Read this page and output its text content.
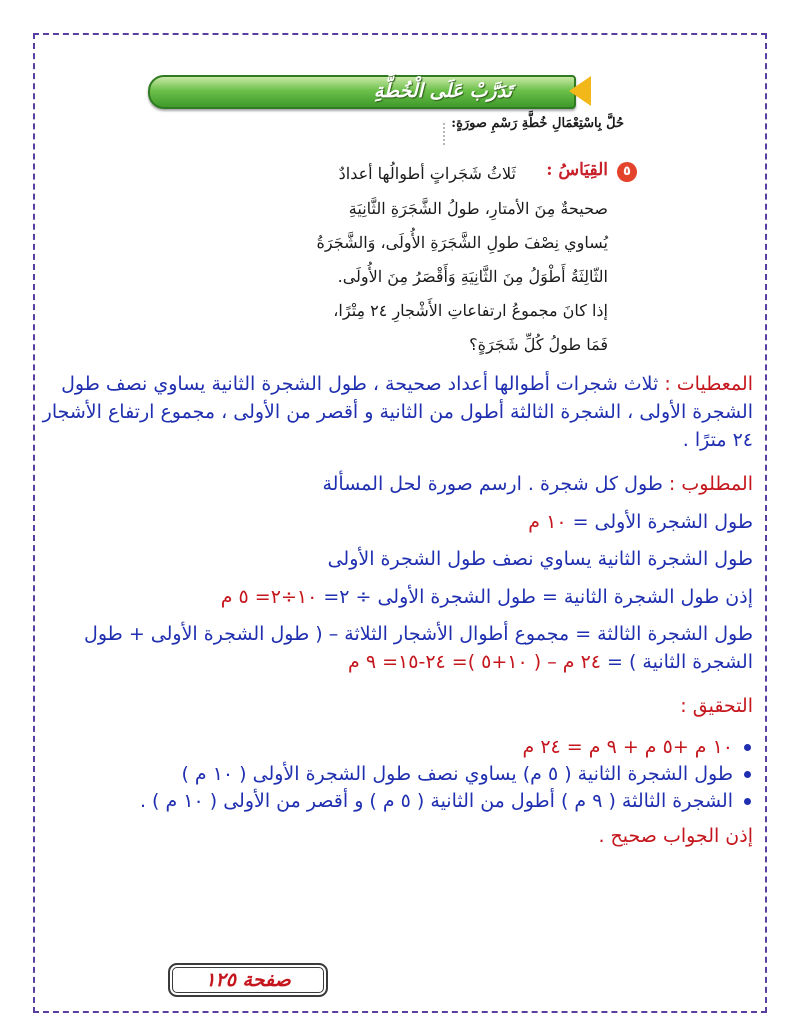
تَدَرَّبْ عَلَى الْخُطَّةِ
حُلَّ بِاسْتِعْمَالِ خُطَّةِ رَسْمِ صورَةٍ:
٥
القِيَاسُ :
ثَلاثُ شَجَراتٍ أطوالُها أعدادٌ
صحيحةٌ مِنَ الأمتارِ، طولُ الشَّجَرَةِ الثَّانِيَةِ
يُساوي نِصْفَ طولِ الشَّجَرَةِ الأُولَى، وَالشَّجَرَةُ
الثّالِثَةُ أَطْوَلُ مِنَ الثَّانِيَةِ وَأَقْصَرُ مِنَ الأُولَى.
إذا كانَ مجموعُ ارتفاعاتِ الأَشْجارِ ٢٤ مِتْرًا،
فَمَا طولُ كُلِّ شَجَرَةٍ؟
المعطيات : ثلاث شجرات أطوالها أعداد صحيحة ، طول الشجرة الثانية يساوي نصف طول الشجرة الأولى ، الشجرة الثالثة أطول من الثانية و أقصر من الأولى ، مجموع ارتفاع الأشجار ٢٤ مترًا .
المطلوب : طول كل شجرة . ارسم صورة لحل المسألة
طول الشجرة الأولى = ١٠ م
طول الشجرة الثانية يساوي نصف طول الشجرة الأولى
إذن طول الشجرة الثانية = طول الشجرة الأولى ÷ ٢= ١٠÷٢= ٥ م
طول الشجرة الثالثة = مجموع أطوال الأشجار الثلاثة – ( طول الشجرة الأولى + طول الشجرة الثانية ) = ٢٤ م – ( ١٠+٥ )= ٢٤-١٥= ٩ م
التحقيق :
١٠ م +٥ م + ٩ م = ٢٤ م
طول الشجرة الثانية ( ٥ م) يساوي نصف طول الشجرة الأولى ( ١٠ م )
الشجرة الثالثة ( ٩ م ) أطول من الثانية ( ٥ م ) و أقصر من الأولى ( ١٠ م ) .
إذن الجواب صحيح .
صفحة ١٢٥
